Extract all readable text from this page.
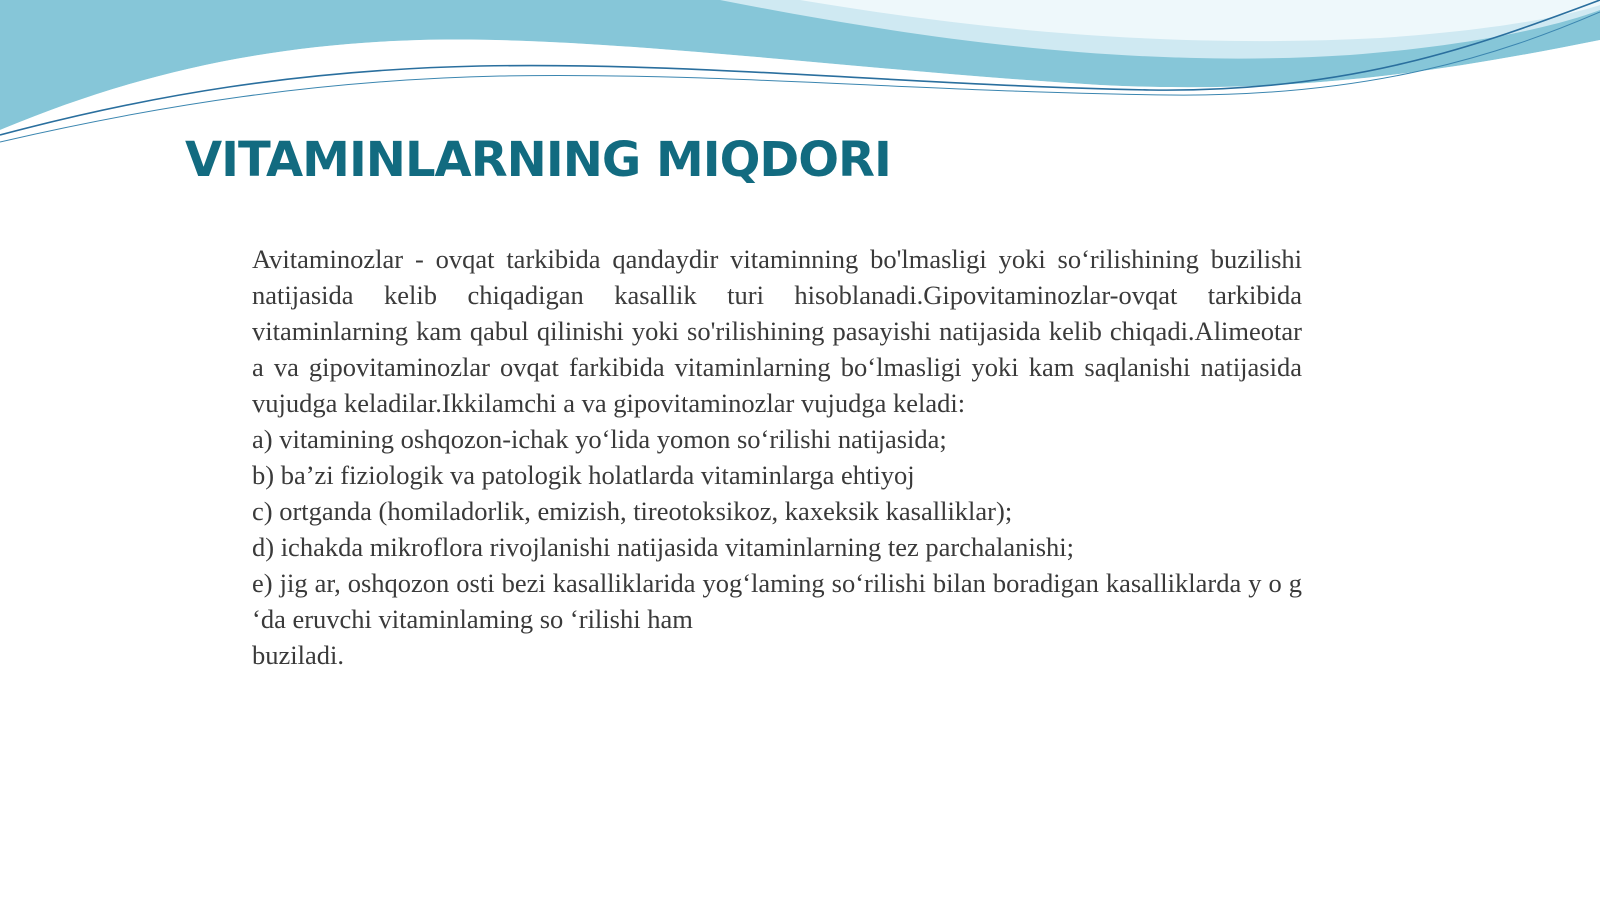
VITAMINLARNING MIQDORI

Avitaminozlar - ovqat tarkibida qandaydir vitaminning bo'lmasligi yoki so‘rilishining buzilishi natijasida kelib chiqadigan kasallik turi hisoblanadi.Gipovitaminozlar-ovqat tarkibida vitaminlarning kam qabul qilinishi yoki so'rilishining pasayishi natijasida kelib chiqadi.Alimeotar a va gipovitaminozlar ovqat farkibida vitaminlarning bo‘lmasligi yoki kam saqlanishi natijasida vujudga keladilar.Ikkilamchi a va gipovitaminozlar vujudga keladi:

a) vitamining oshqozon-ichak yo‘lida yomon so‘rilishi natijasida;

b) ba’zi fiziologik va patologik holatlarda vitaminlarga ehtiyoj

c) ortganda (homiladorlik, emizish, tireotoksikoz, kaxeksik kasalliklar);

d) ichakda mikroflora rivojlanishi natijasida vitaminlarning tez parchalanishi;

e) jig ar, oshqozon osti bezi kasalliklarida yog‘laming so‘rilishi bilan boradigan kasalliklarda y o g ‘da eruvchi vitaminlaming so ‘rilishi ham

buziladi.
